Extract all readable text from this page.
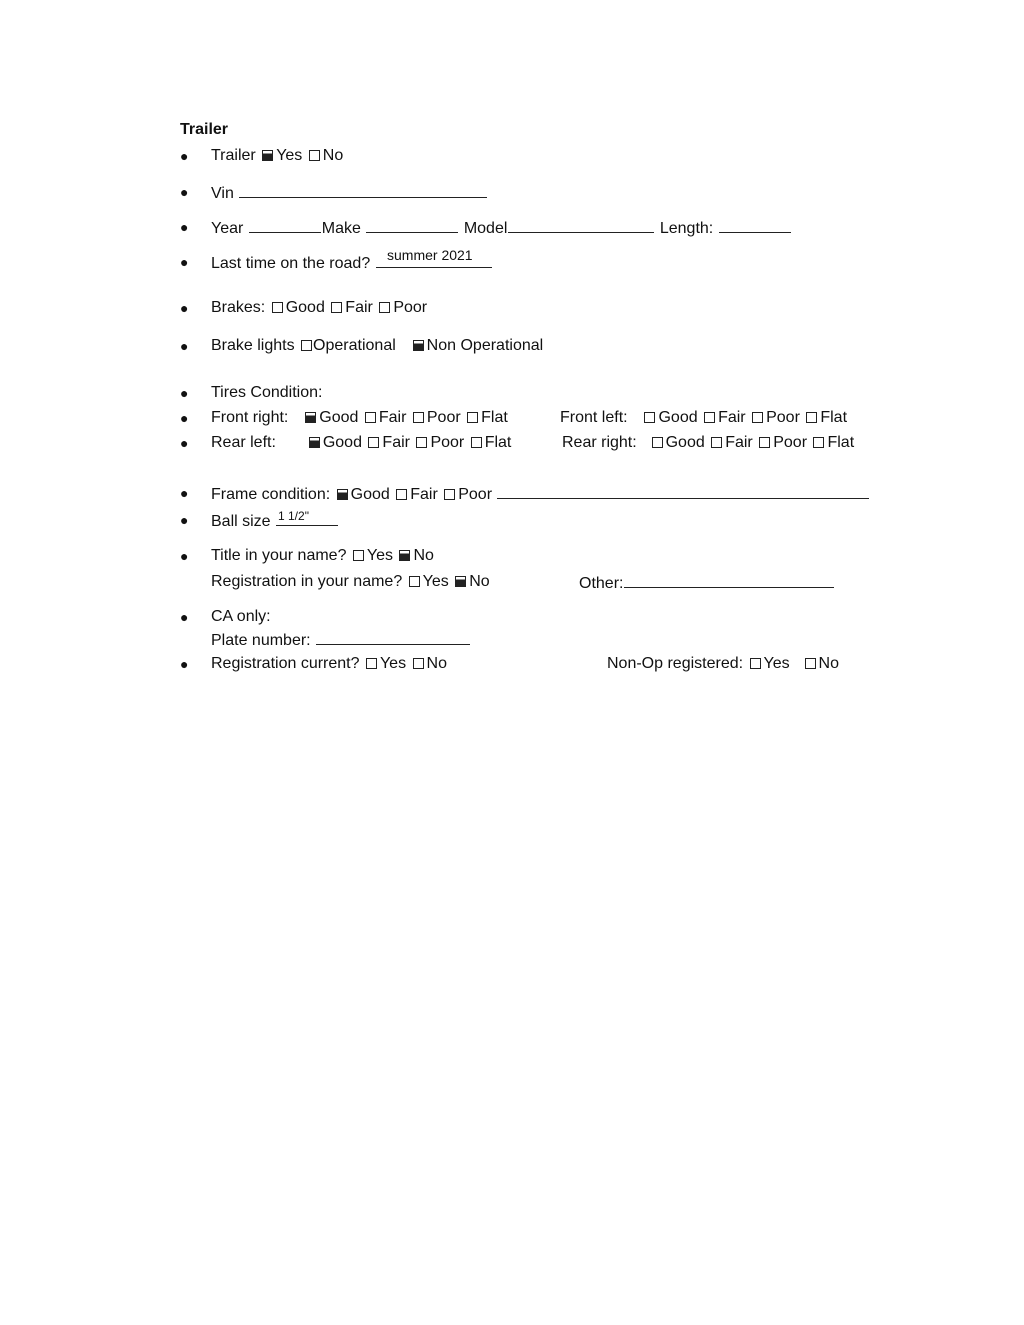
Trailer
● Trailer Yes No
● Vin
● Year	Make	Model	Length:
● Last time on the road?	summer 2021
● Brakes: Good Fair Poor
● Brake lights Operational Non Operational
● Tires Condition:
● Front right: Good Fair Poor Flat	Front left: Good Fair Poor Flat
● Rear left:	Good Fair Poor Flat	Rear right: Good Fair Poor Flat
● Frame condition: Good Fair Poor
● Ball size 1 1/2"
● Title in your name? Yes No
Registration in your name? Yes No	Other:
● CA only:
Plate number:
● Registration current? Yes No	Non-Op registered: Yes No
